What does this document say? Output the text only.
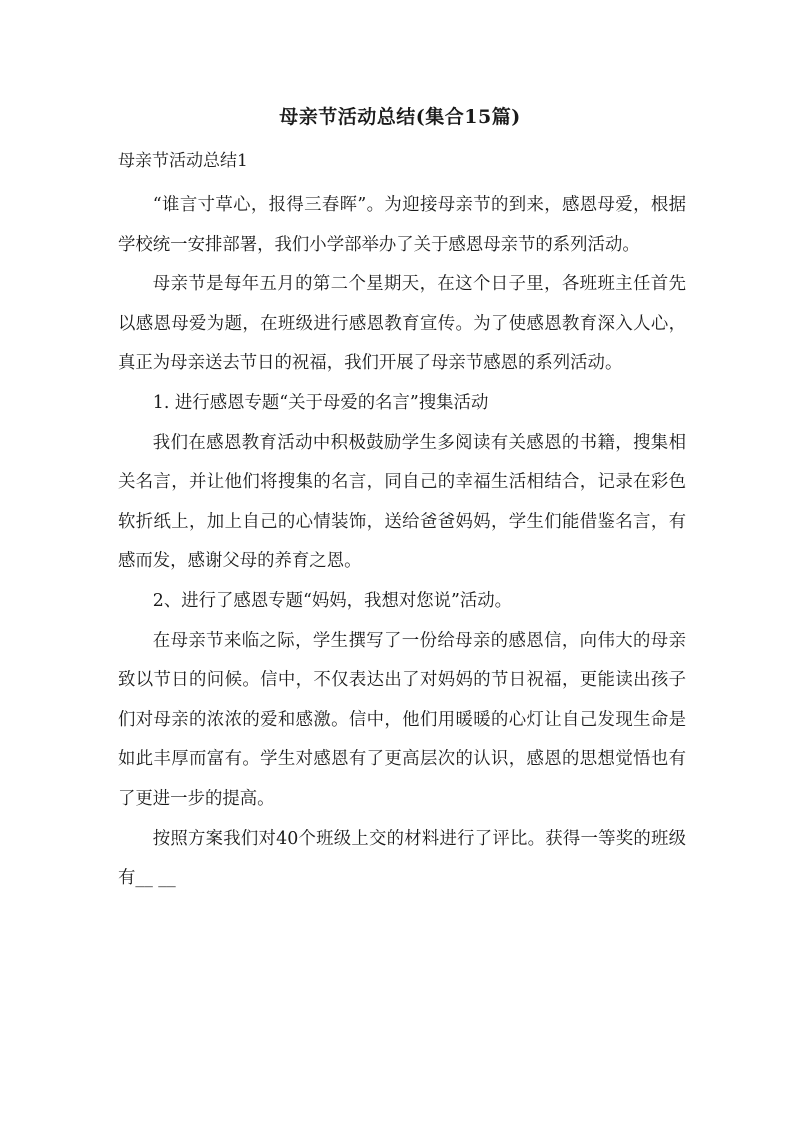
母亲节活动总结(集合15篇)
母亲节活动总结1

“谁言寸草心，报得三春晖”。为迎接母亲节的到来，感恩母爱，根据学校统一安排部署，我们小学部举办了关于感恩母亲节的系列活动。

母亲节是每年五月的第二个星期天，在这个日子里，各班班主任首先以感恩母爱为题，在班级进行感恩教育宣传。为了使感恩教育深入人心，真正为母亲送去节日的祝福，我们开展了母亲节感恩的系列活动。

1. 进行感恩专题“关于母爱的名言”搜集活动

我们在感恩教育活动中积极鼓励学生多阅读有关感恩的书籍，搜集相关名言，并让他们将搜集的名言，同自己的幸福生活相结合，记录在彩色软折纸上，加上自己的心情装饰，送给爸爸妈妈，学生们能借鉴名言，有感而发，感谢父母的养育之恩。

2、进行了感恩专题“妈妈，我想对您说”活动。

在母亲节来临之际，学生撰写了一份给母亲的感恩信，向伟大的母亲致以节日的问候。信中，不仅表达出了对妈妈的节日祝福，更能读出孩子们对母亲的浓浓的爱和感激。信中，他们用暖暖的心灯让自己发现生命是如此丰厚而富有。学生对感恩有了更高层次的认识，感恩的思想觉悟也有了更进一步的提高。

按照方案我们对40个班级上交的材料进行了评比。获得一等奖的班级有__ __
